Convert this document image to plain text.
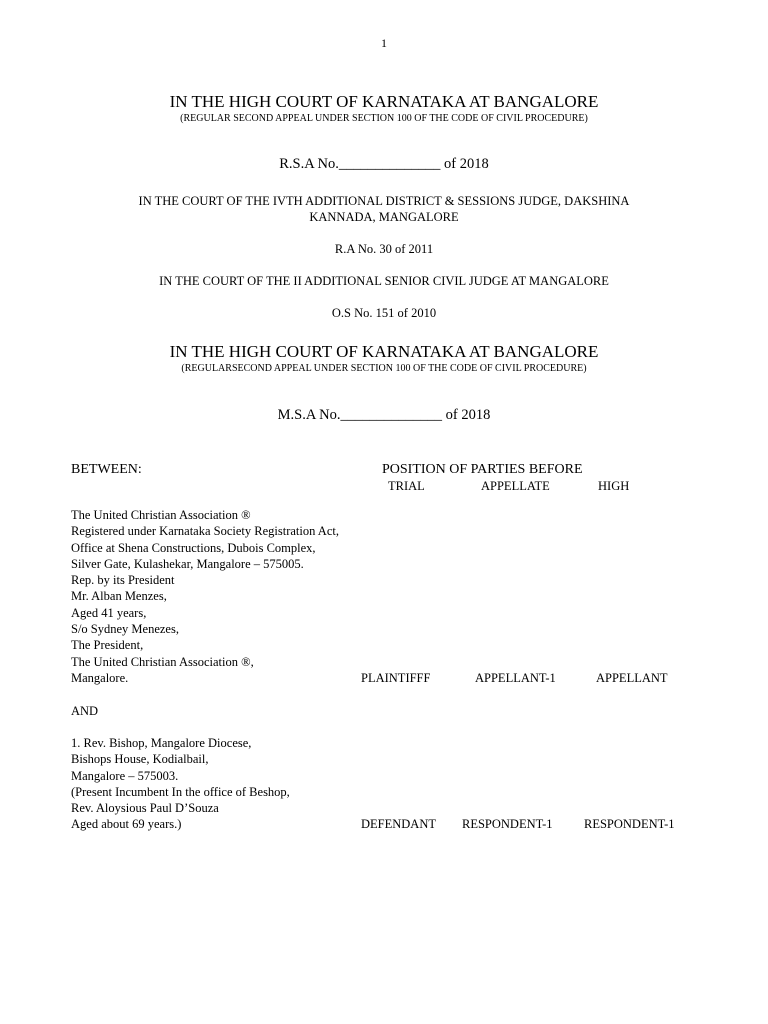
1
IN THE HIGH COURT OF KARNATAKA AT BANGALORE
(REGULAR SECOND APPEAL UNDER SECTION 100 OF THE CODE OF CIVIL PROCEDURE)
R.S.A No.______________ of 2018
IN THE COURT OF THE IVTH ADDITIONAL DISTRICT & SESSIONS JUDGE, DAKSHINA
KANNADA, MANGALORE
R.A No. 30 of 2011
IN THE COURT OF THE II ADDITIONAL SENIOR CIVIL JUDGE AT MANGALORE
O.S No. 151 of 2010
IN THE HIGH COURT OF KARNATAKA AT BANGALORE
(REGULARSECOND APPEAL UNDER SECTION 100 OF THE CODE OF CIVIL PROCEDURE)
M.S.A No.______________ of 2018
BETWEEN:	POSITION OF PARTIES BEFORE
TRIAL	APPELLATE	HIGH
The United Christian Association ®
Registered under Karnataka Society Registration Act,
Office at Shena Constructions, Dubois Complex,
Silver Gate, Kulashekar, Mangalore – 575005.
Rep. by its President
Mr. Alban Menzes,
Aged 41 years,
S/o Sydney Menezes,
The President,
The United Christian Association ®,
Mangalore.	PLAINTIFFF	APPELLANT-1	APPELLANT
AND
1. Rev. Bishop, Mangalore Diocese,
Bishops House, Kodialbail,
Mangalore – 575003.
(Present Incumbent In the office of Beshop,
Rev. Aloysious Paul D’Souza
Aged about 69 years.)	DEFENDANT RESPONDENT-1	RESPONDENT-1
